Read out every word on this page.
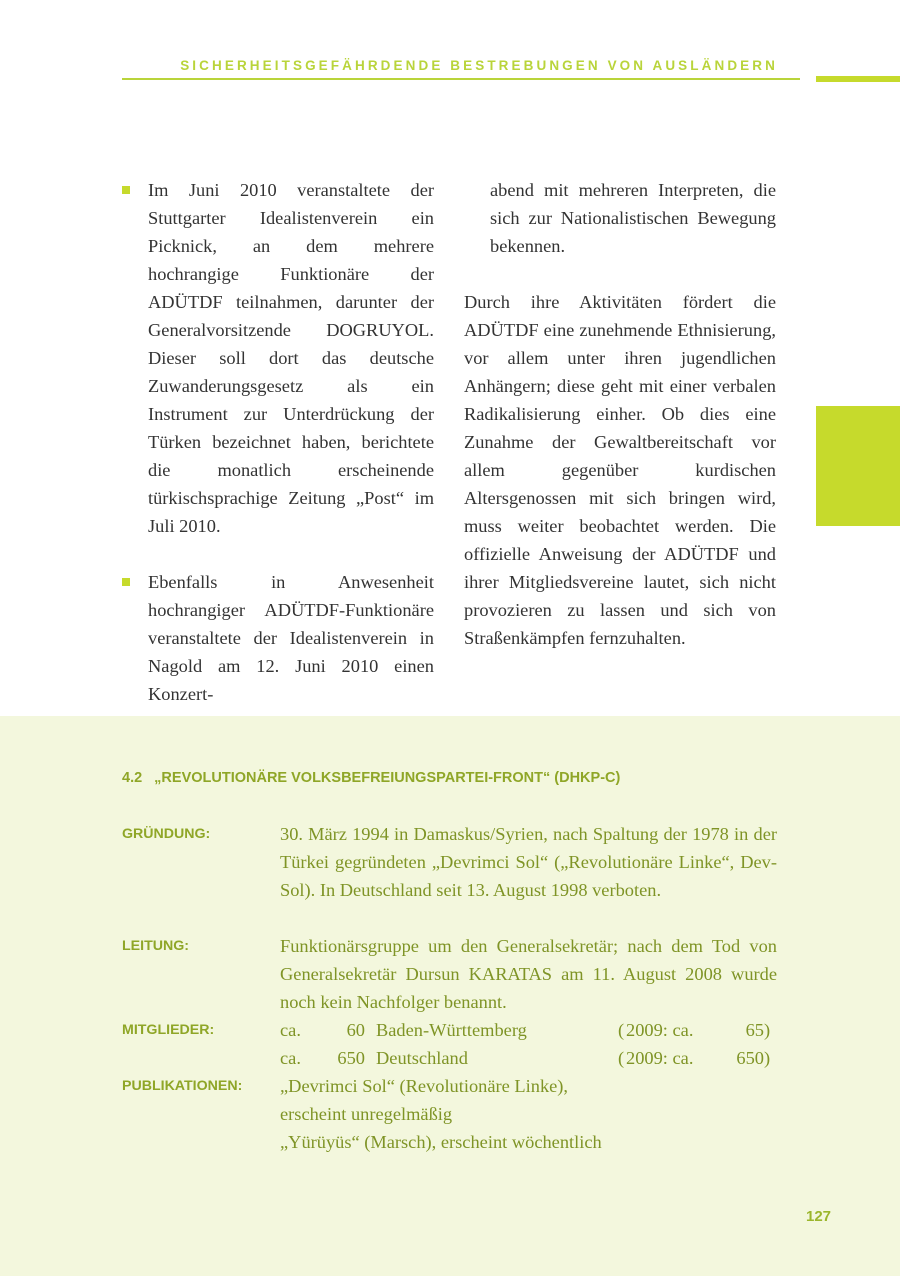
SICHERHEITSGEFÄHRDENDE BESTREBUNGEN VON AUSLÄNDERN

Im Juni 2010 veranstaltete der Stuttgarter Idealistenverein ein Picknick, an dem mehrere hochrangige Funktionäre der ADÜTDF teilnahmen, darunter der Generalvorsitzende DOGRUYOL. Dieser soll dort das deutsche Zuwanderungsgesetz als ein Instrument zur Unterdrückung der Türken bezeichnet haben, berichtete die monatlich erscheinende türkischsprachige Zeitung „Post“ im Juli 2010.

Ebenfalls in Anwesenheit hochrangiger ADÜTDF-Funktionäre veranstaltete der Idealistenverein in Nagold am 12. Juni 2010 einen Konzert-

abend mit mehreren Interpreten, die sich zur Nationalistischen Bewegung bekennen.

Durch ihre Aktivitäten fördert die ADÜTDF eine zunehmende Ethnisierung, vor allem unter ihren jugendlichen Anhängern; diese geht mit einer verbalen Radikalisierung einher. Ob dies eine Zunahme der Gewaltbereitschaft vor allem gegenüber kurdischen Altersgenossen mit sich bringen wird, muss weiter beobachtet werden. Die offizielle Anweisung der ADÜTDF und ihrer Mitgliedsvereine lautet, sich nicht provozieren zu lassen und sich von Straßenkämpfen fernzuhalten.

4.2 „REVOLUTIONÄRE VOLKSBEFREIUNGSPARTEI-FRONT“ (DHKP-C)
GRÜNDUNG:	30. März 1994 in Damaskus/Syrien, nach Spaltung der 1978 in der Türkei gegründeten „Devrimci Sol“ („Revolutionäre Linke“, Dev-Sol). In Deutschland seit 13. August 1998 verboten.
LEITUNG:	Funktionärsgruppe um den Generalsekretär; nach dem Tod von Generalsekretär Dursun KARATAS am 11. August 2008 wurde noch kein Nachfolger benannt.
MITGLIEDER:	ca. 60 Baden-Württemberg	( 2009: ca.	65 )
ca. 650 Deutschland	( 2009: ca. 650 )
PUBLIKATIONEN: „Devrimci Sol“ (Revolutionäre Linke),
erscheint unregelmäßig
„Yürüyüs“ (Marsch), erscheint wöchentlich
127
